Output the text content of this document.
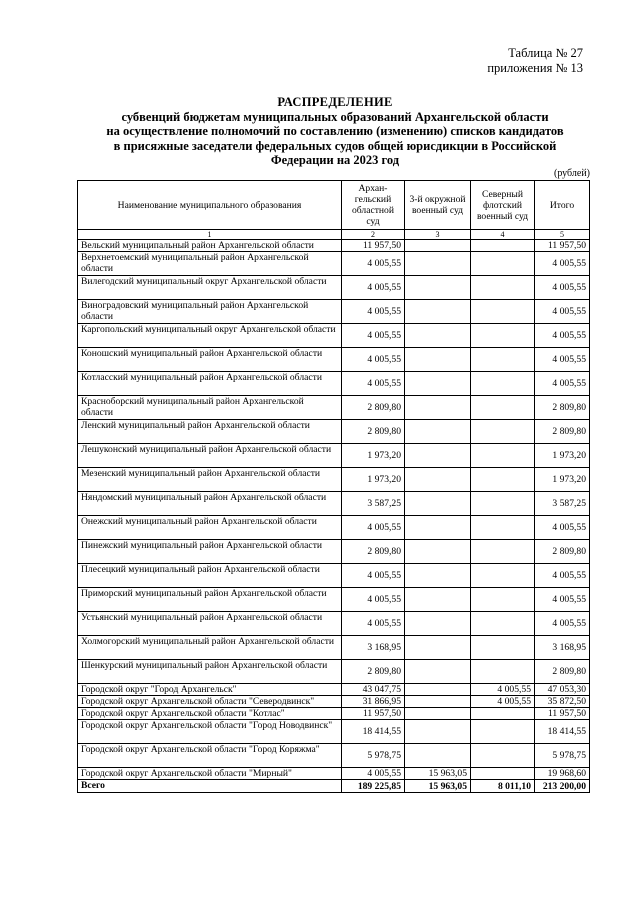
Таблица № 27
приложения № 13
РАСПРЕДЕЛЕНИЕ
субвенций бюджетам муниципальных образований Архангельской области
на осуществление полномочий по составлению (изменению) списков кандидатов
в присяжные заседатели федеральных судов общей юрисдикции в Российской
Федерации на 2023 год
(рублей)
Наименование муниципального образования	Архан-гельский областной суд	3-й окружной военный суд	Северный флотский военный суд	Итого
1	2	3	4	5
Вельский муниципальный район Архангельской области	11 957,50			11 957,50
Верхнетоемский муниципальный район Архангельской области	4 005,55			4 005,55
Вилегодский муниципальный округ Архангельской области	4 005,55			4 005,55
Виноградовский муниципальный район Архангельской области	4 005,55			4 005,55
Каргопольский муниципальный округ Архангельской области	4 005,55			4 005,55
Коношский муниципальный район Архангельской области	4 005,55			4 005,55
Котласский муниципальный район Архангельской области	4 005,55			4 005,55
Красноборский муниципальный район Архангельской области	2 809,80			2 809,80
Ленский муниципальный район Архангельской области	2 809,80			2 809,80
Лешуконский муниципальный район Архангельской области	1 973,20			1 973,20
Мезенский муниципальный район Архангельской области	1 973,20			1 973,20
Няндомский муниципальный район Архангельской области	3 587,25			3 587,25
Онежский муниципальный район Архангельской области	4 005,55			4 005,55
Пинежский муниципальный район Архангельской области	2 809,80			2 809,80
Плесецкий муниципальный район Архангельской области	4 005,55			4 005,55
Приморский муниципальный район Архангельской области	4 005,55			4 005,55
Устьянский муниципальный район Архангельской области	4 005,55			4 005,55
Холмогорский муниципальный район Архангельской области	3 168,95			3 168,95
Шенкурский муниципальный район Архангельской области	2 809,80			2 809,80
Городской округ "Город Архангельск"	43 047,75		4 005,55	47 053,30
Городской округ Архангельской области "Северодвинск"	31 866,95		4 005,55	35 872,50
Городской округ Архангельской области "Котлас"	11 957,50			11 957,50
Городской округ Архангельской области "Город Новодвинск"	18 414,55			18 414,55
Городской округ Архангельской области "Город Коряжма"	5 978,75			5 978,75
Городской округ Архангельской области "Мирный"	4 005,55	15 963,05		19 968,60
Всего	189 225,85	15 963,05	8 011,10	213 200,00
